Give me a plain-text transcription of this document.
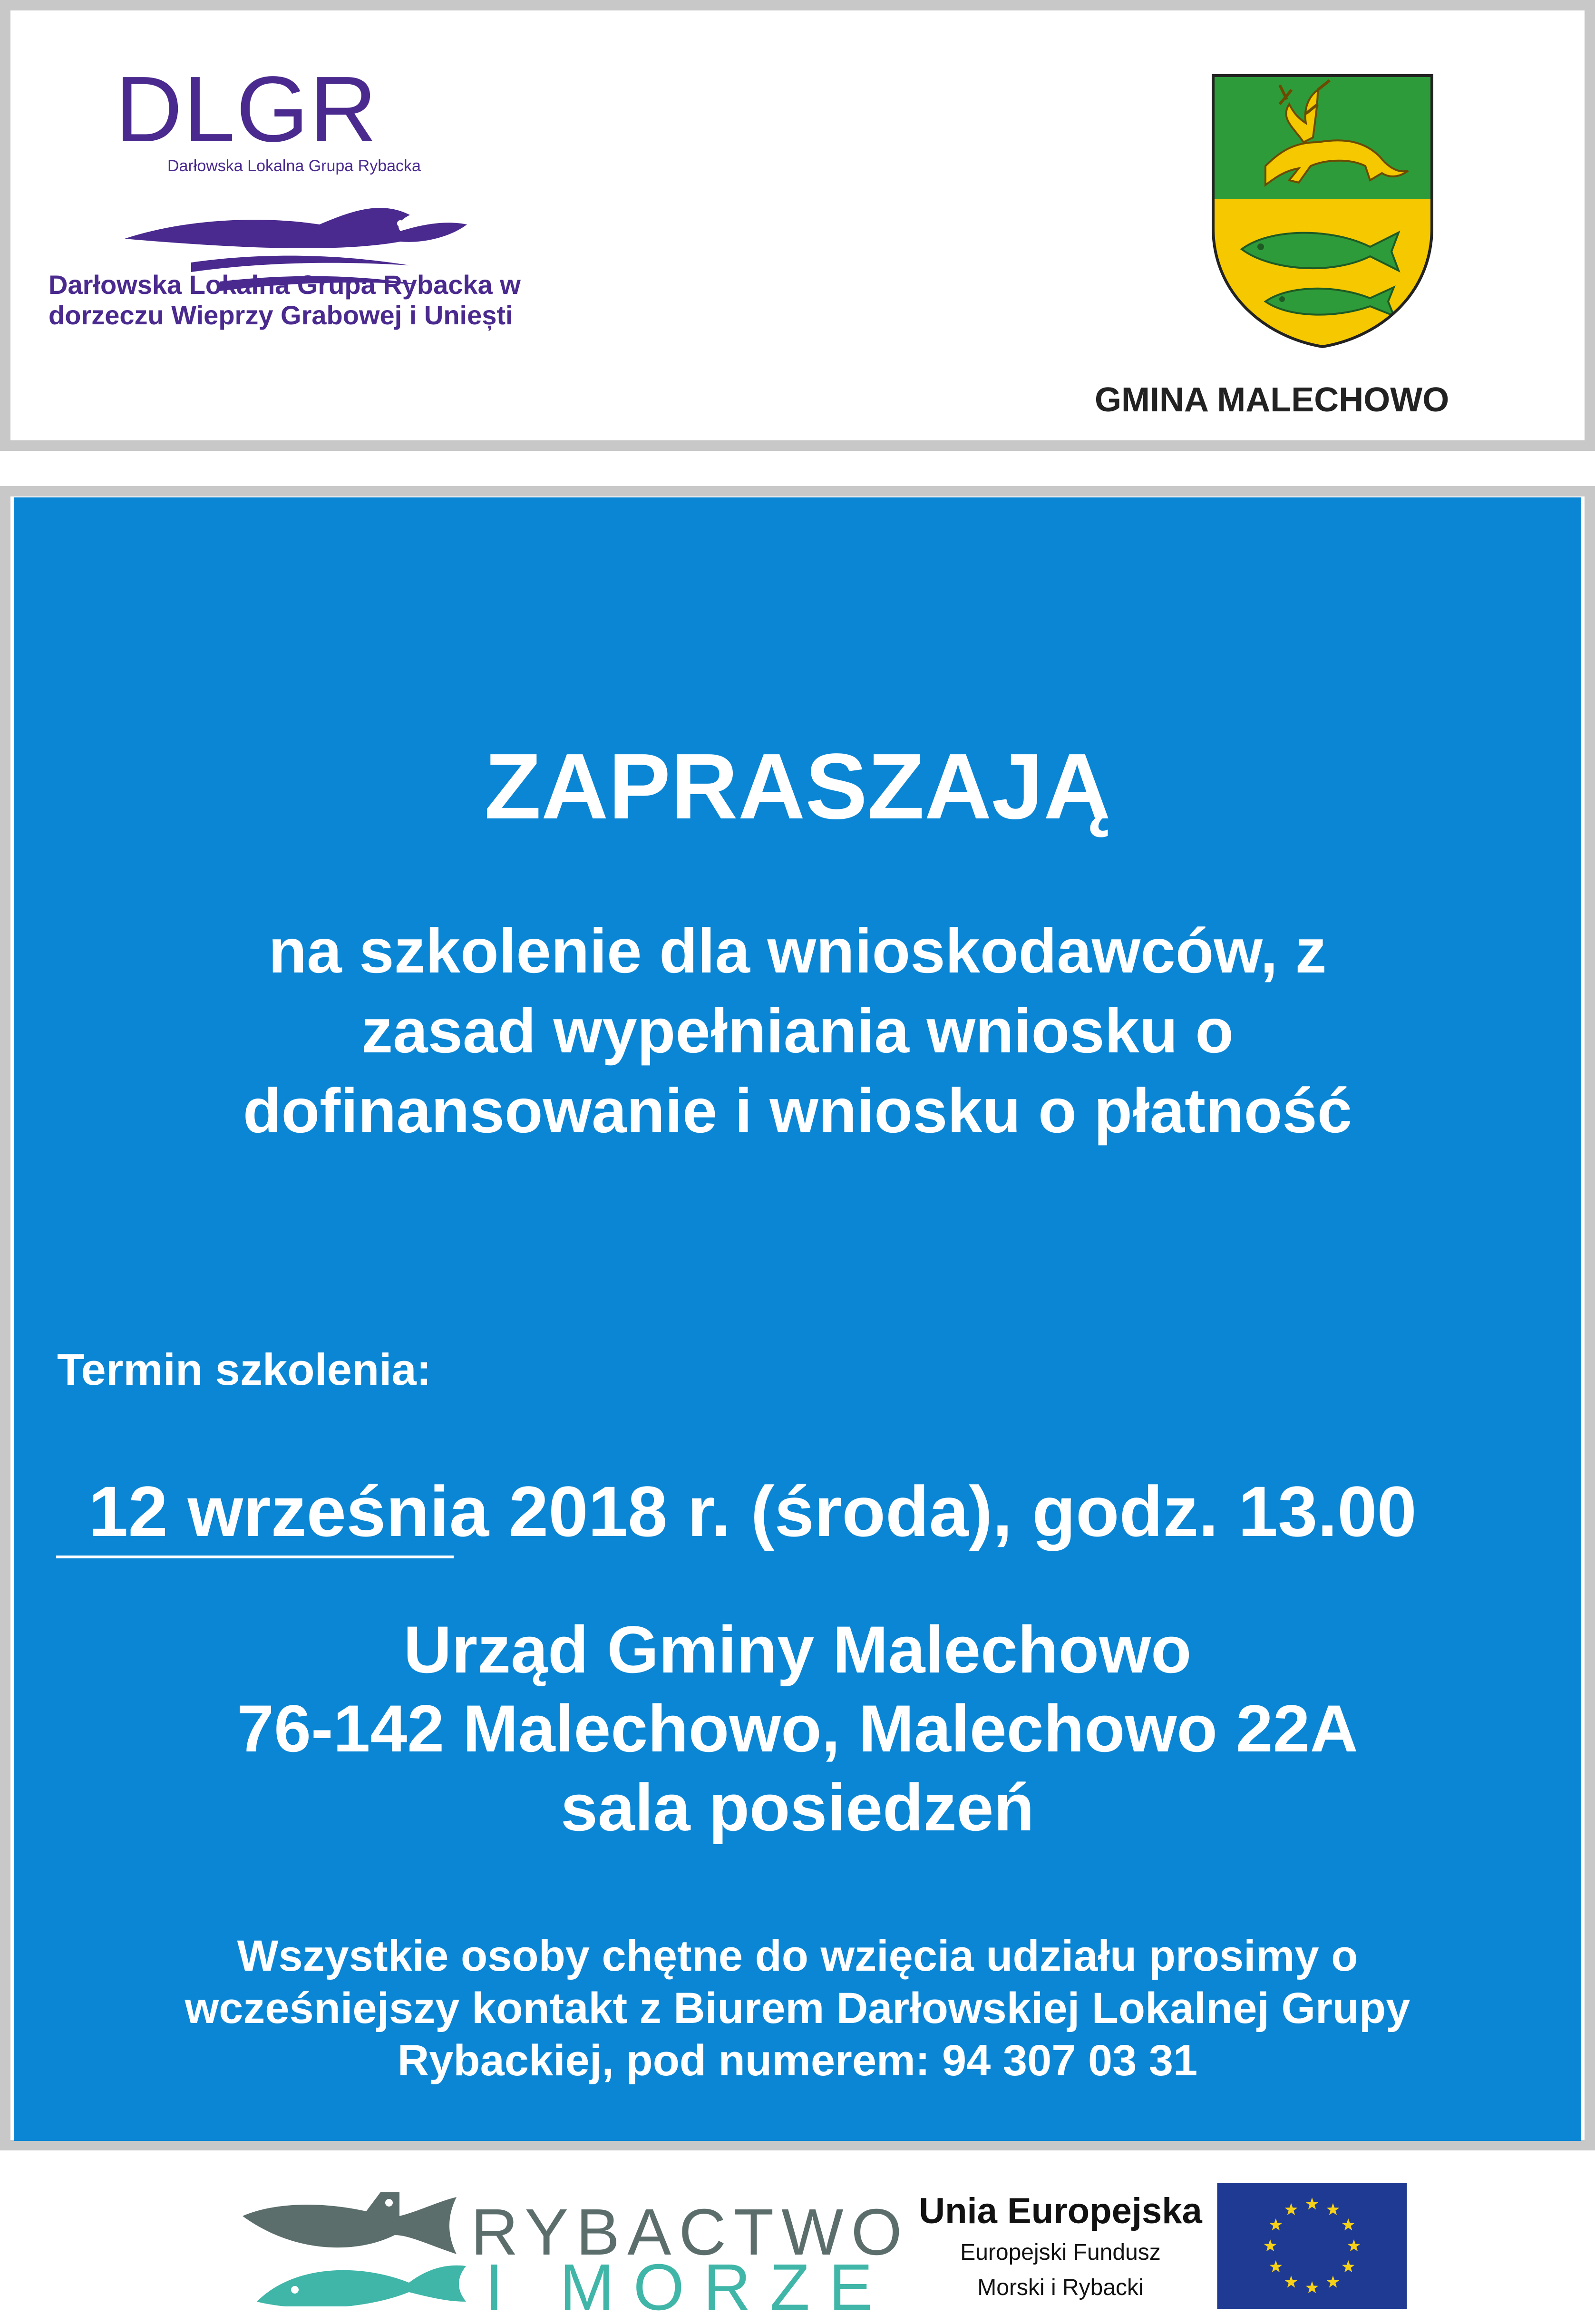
DLGR
Darłowska Lokalna Grupa Rybacka
Darłowska Lokalna Grupa Rybacka w
dorzeczu Wieprzy Grabowej i Uniești
GMINA MALECHOWO
ZAPRASZAJĄ
na szkolenie dla wnioskodawców, z
zasad wypełniania wniosku o
dofinansowanie i wniosku o płatność
Termin szkolenia:
12 września 2018 r. (środa), godz. 13.00
Urząd Gminy Malechowo
76-142 Malechowo, Malechowo 22A
sala posiedzeń
Wszystkie osoby chętne do wzięcia udziału prosimy o
wcześniejszy kontakt z Biurem Darłowskiej Lokalnej Grupy
Rybackiej, pod numerem: 94 307 03 31
RYBACTWO
I MORZE
Unia Europejska
Europejski Fundusz
Morski i Rybacki
